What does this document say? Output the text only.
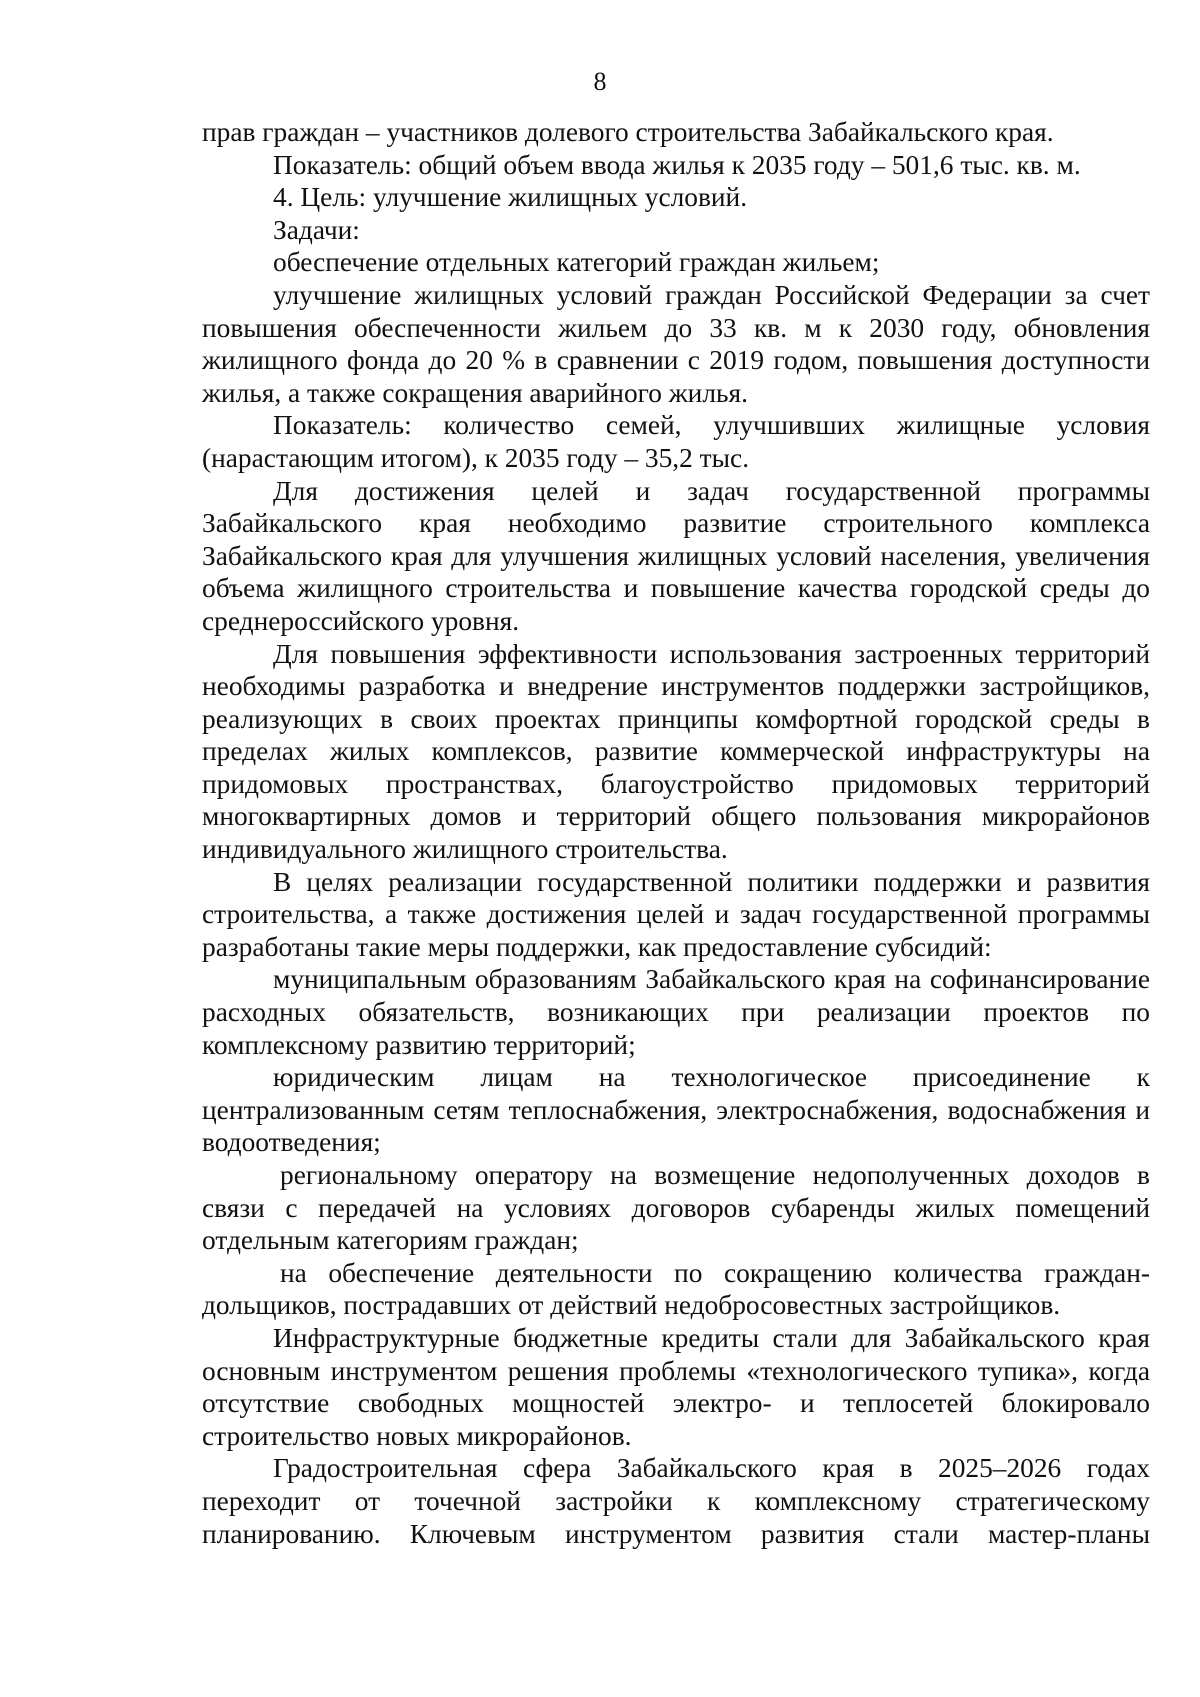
8

прав граждан – участников долевого строительства Забайкальского края.

Показатель: общий объем ввода жилья к 2035 году – 501,6 тыс. кв. м.

4. Цель: улучшение жилищных условий.

Задачи:

обеспечение отдельных категорий граждан жильем;

улучшение жилищных условий граждан Российской Федерации за счет повышения обеспеченности жильем до 33 кв. м к 2030 году, обновления жилищного фонда до 20 % в сравнении с 2019 годом, повышения доступности жилья, а также сокращения аварийного жилья.

Показатель: количество семей, улучшивших жилищные условия (нарастающим итогом), к 2035 году – 35,2 тыс.

Для достижения целей и задач государственной программы Забайкальского края необходимо развитие строительного комплекса Забайкальского края для улучшения жилищных условий населения, увеличения объема жилищного строительства и повышение качества городской среды до среднероссийского уровня.

Для повышения эффективности использования застроенных территорий необходимы разработка и внедрение инструментов поддержки застройщиков, реализующих в своих проектах принципы комфортной городской среды в пределах жилых комплексов, развитие коммерческой инфраструктуры на придомовых пространствах, благоустройство придомовых территорий многоквартирных домов и территорий общего пользования микрорайонов индивидуального жилищного строительства.

В целях реализации государственной политики поддержки и развития строительства, а также достижения целей и задач государственной программы разработаны такие меры поддержки, как предоставление субсидий:

муниципальным образованиям Забайкальского края на софинансирование расходных обязательств, возникающих при реализации проектов по комплексному развитию территорий;

юридическим лицам на технологическое присоединение к централизованным сетям теплоснабжения, электроснабжения, водоснабжения и водоотведения;

региональному оператору на возмещение недополученных доходов в связи с передачей на условиях договоров субаренды жилых помещений отдельным категориям граждан;

на обеспечение деятельности по сокращению количества граждан-дольщиков, пострадавших от действий недобросовестных застройщиков.

Инфраструктурные бюджетные кредиты стали для Забайкальского края основным инструментом решения проблемы «технологического тупика», когда отсутствие свободных мощностей электро- и теплосетей блокировало строительство новых микрорайонов.

Градостроительная сфера Забайкальского края в 2025–2026 годах переходит от точечной застройки к комплексному стратегическому планированию. Ключевым инструментом развития стали мастер-планы
